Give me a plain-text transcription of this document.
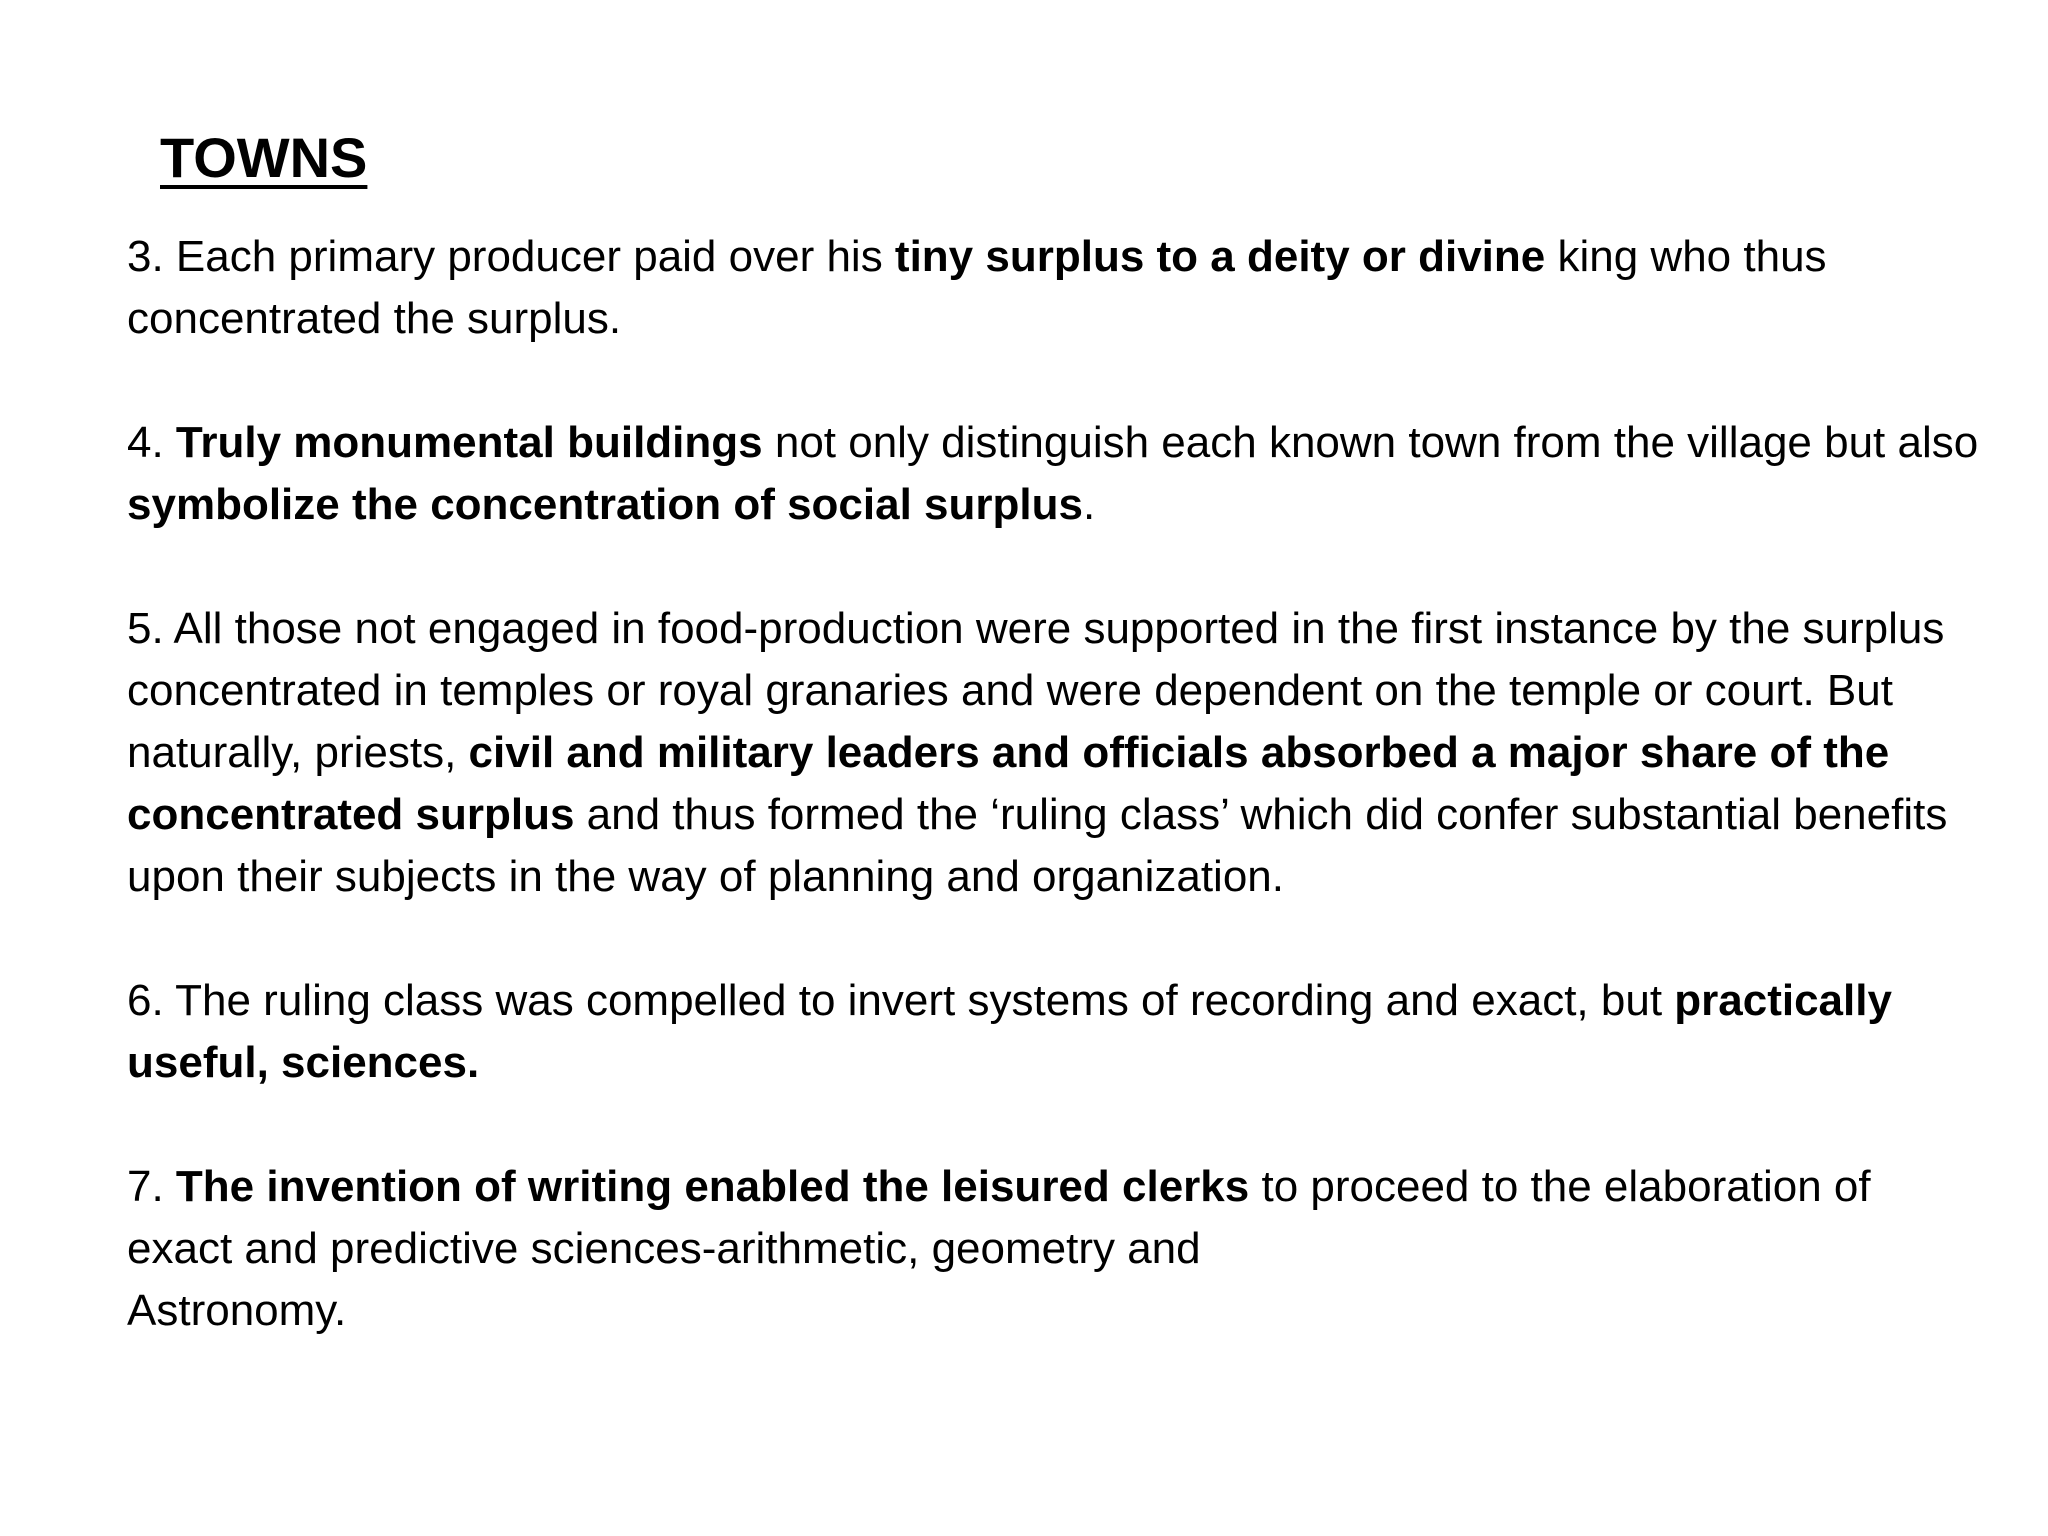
TOWNS

3. Each primary producer paid over his tiny surplus to a deity or divine king who thus concentrated the surplus.

4. Truly monumental buildings not only distinguish each known town from the village but also symbolize the concentration of social surplus.

5. All those not engaged in food-production were supported in the first instance by the surplus concentrated in temples or royal granaries and were dependent on the temple or court. But naturally, priests, civil and military leaders and officials absorbed a major share of the concentrated surplus and thus formed the ‘ruling class’ which did confer substantial benefits upon their subjects in the way of planning and organization.

6. The ruling class was compelled to invert systems of recording and exact, but practically useful, sciences.

7. The invention of writing enabled the leisured clerks to proceed to the elaboration of exact and predictive sciences-arithmetic, geometry and
Astronomy.
